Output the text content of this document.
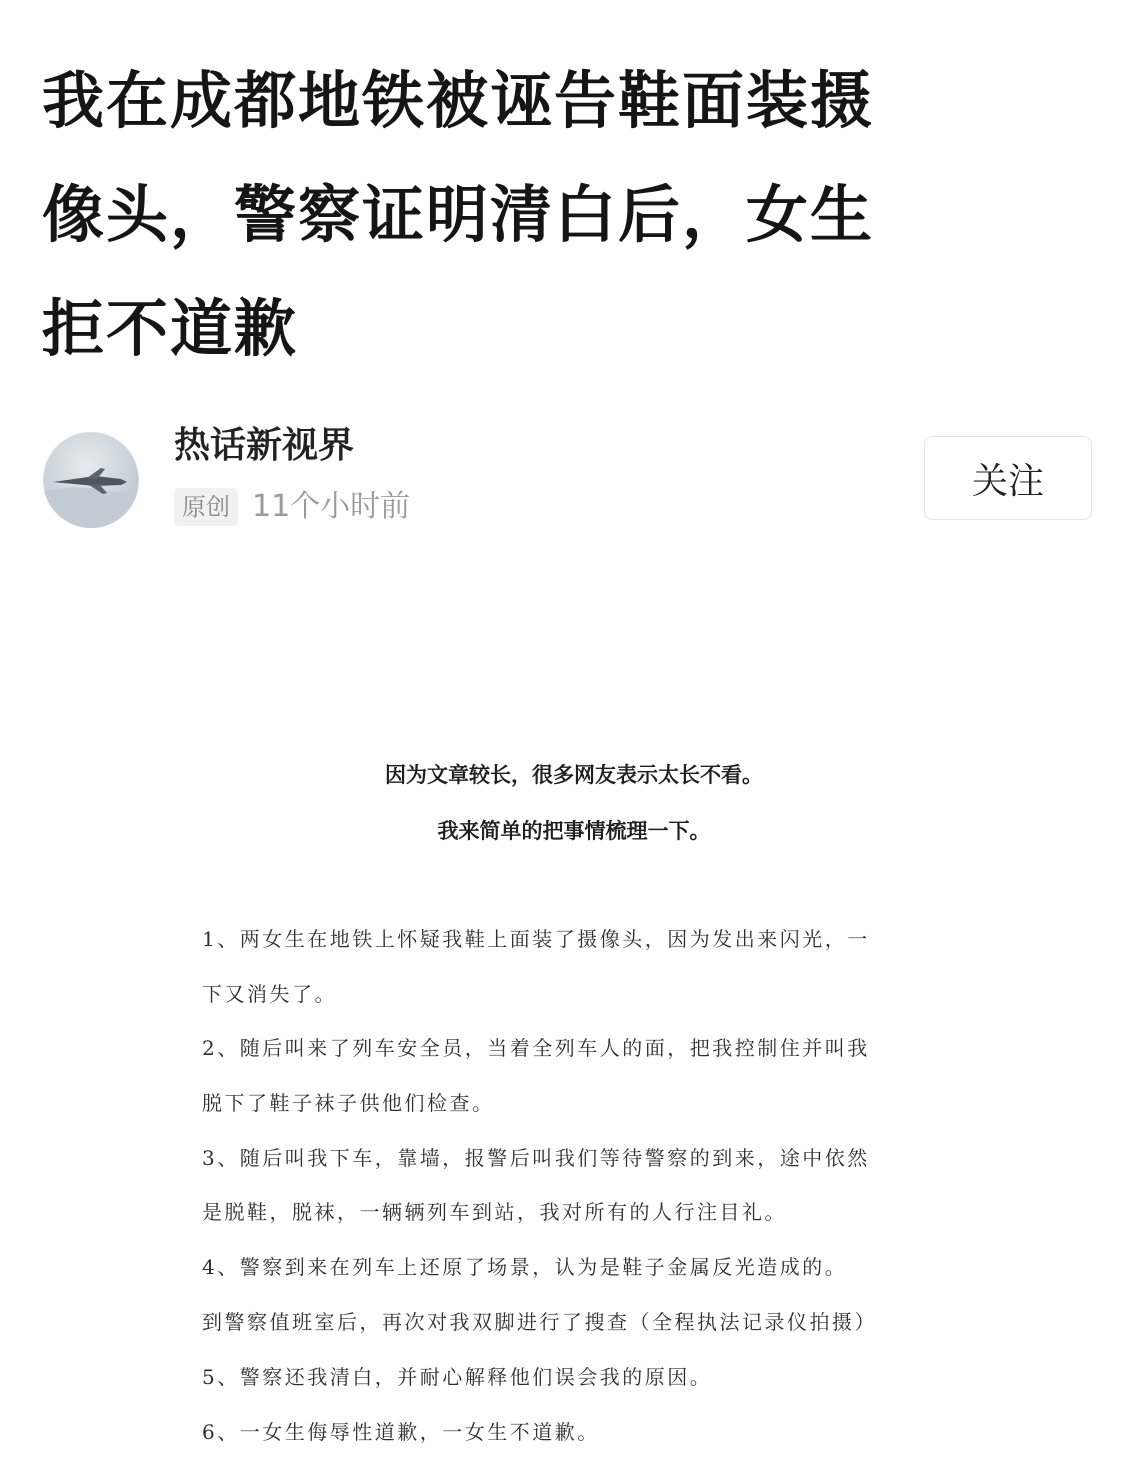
我在成都地铁被诬告鞋面装摄
像头，警察证明清白后，女生
拒不道歉
热话新视界
原创 11个小时前
关注
因为文章较长，很多网友表示太长不看。
我来简单的把事情梳理一下。
1、两女生在地铁上怀疑我鞋上面装了摄像头，因为发出来闪光，一
下又消失了。
2、随后叫来了列车安全员，当着全列车人的面，把我控制住并叫我
脱下了鞋子袜子供他们检查。
3、随后叫我下车，靠墙，报警后叫我们等待警察的到来，途中依然
是脱鞋，脱袜，一辆辆列车到站，我对所有的人行注目礼。
4、警察到来在列车上还原了场景，认为是鞋子金属反光造成的。
到警察值班室后，再次对我双脚进行了搜查（全程执法记录仪拍摄）
5、警察还我清白，并耐心解释他们误会我的原因。
6、一女生侮辱性道歉，一女生不道歉。
